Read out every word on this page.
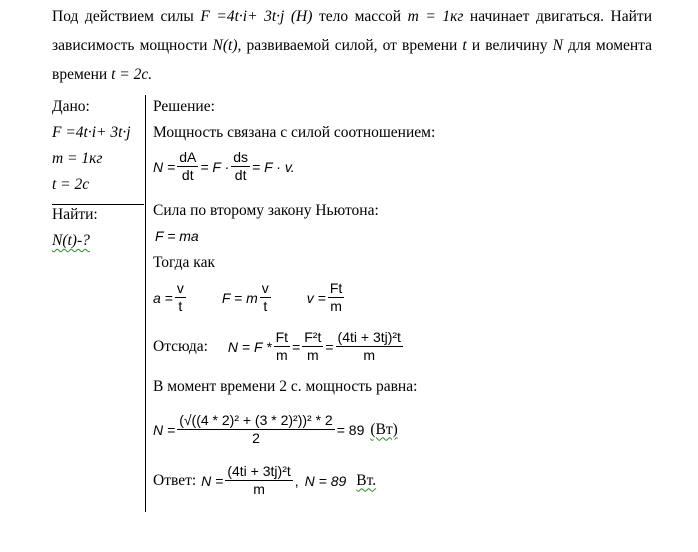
Под действием силы F =4t·i+ 3t·j (Н) тело массой m = 1кг начинает двигаться. Найти
зависимость мощности N(t), развиваемой силой, от времени t и величину N для момента
времени t = 2с.
Дано:
F =4t·i+ 3t·j
m = 1кг
t = 2с
Найти:
N(t)-?
Решение:
Мощность связана с силой соотношением:
$N = \frac{dA}{dt} = F \cdot \frac{ds}{dt} = F \cdot v$.
Сила по второму закону Ньютона:
F = ma
Тогда как
$a = \frac{v}{t}$	F = m
v
t
$v = \frac{Ft}{m}$
Отсюда: $N = F * \frac{Ft}{m} = \frac{\text{F²t}}{m} = \frac{\text{(4ti + 3tj)²t}}{m}$
В момент времени 2 с. мощность равна:
$N = \frac{\text{(√((4 * 2)² + (3 * 2)²))² * 2}}{2} = 89$ (Вт)
Ответ: $N = \frac{\text{(4ti + 3tj)²t}}{m}$ , N = 89 Вт.
